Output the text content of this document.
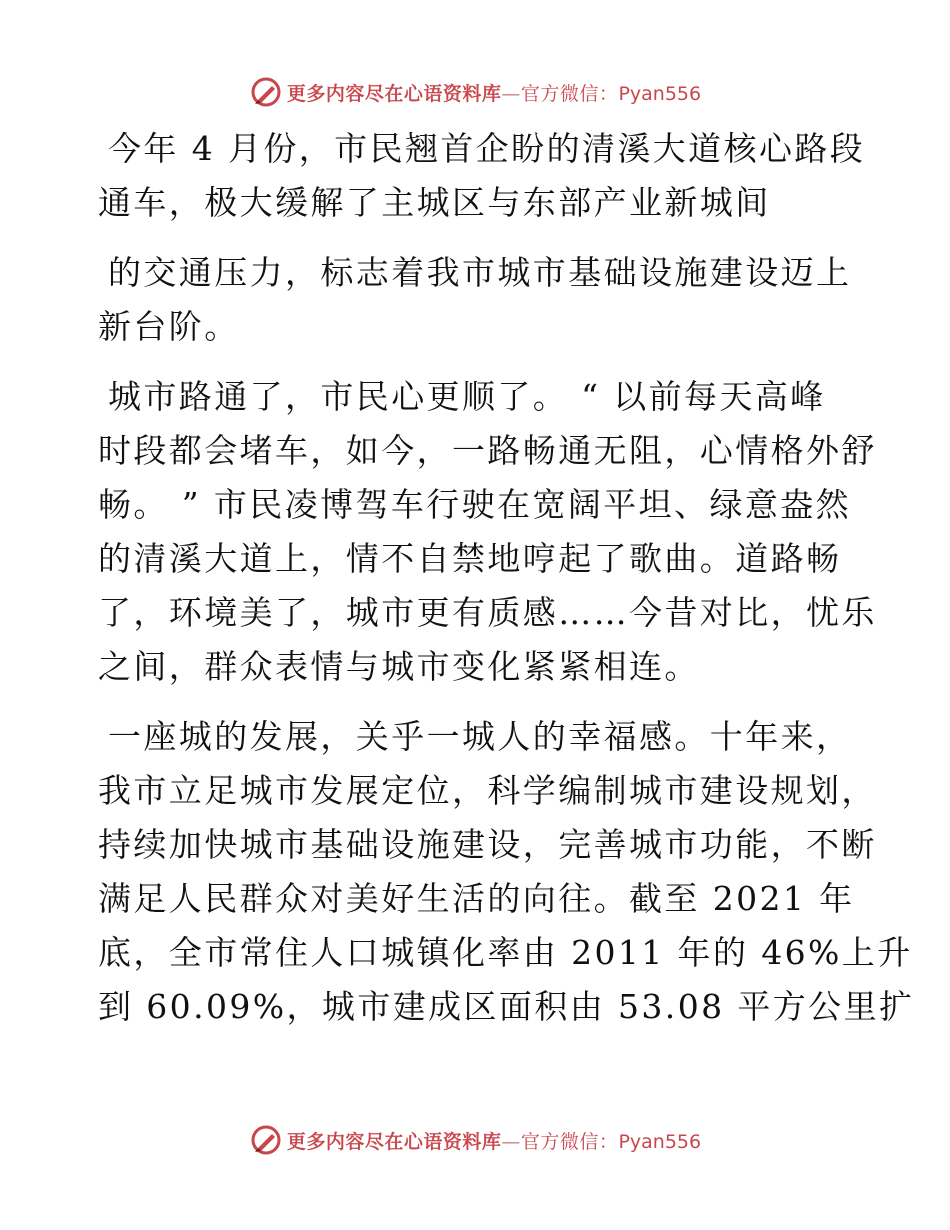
更多内容尽在心语资料库—官方微信：Pyan556

今年 4 月份，市民翘首企盼的清溪大道核心路段
通车，极大缓解了主城区与东部产业新城间

的交通压力，标志着我市城市基础设施建设迈上
新台阶。

城市路通了，市民心更顺了。 “ 以前每天高峰
时段都会堵车，如今，一路畅通无阻，心情格外舒
畅。 ” 市民凌博驾车行驶在宽阔平坦、绿意盎然
的清溪大道上，情不自禁地哼起了歌曲。道路畅
了，环境美了，城市更有质感……今昔对比，忧乐
之间，群众表情与城市变化紧紧相连。

一座城的发展，关乎一城人的幸福感。十年来，
我市立足城市发展定位，科学编制城市建设规划，
持续加快城市基础设施建设，完善城市功能，不断
满足人民群众对美好生活的向往。截至 2021 年
底，全市常住人口城镇化率由 2011 年的 46%上升
到 60.09%，城市建成区面积由 53.08 平方公里扩

更多内容尽在心语资料库—官方微信：Pyan556
